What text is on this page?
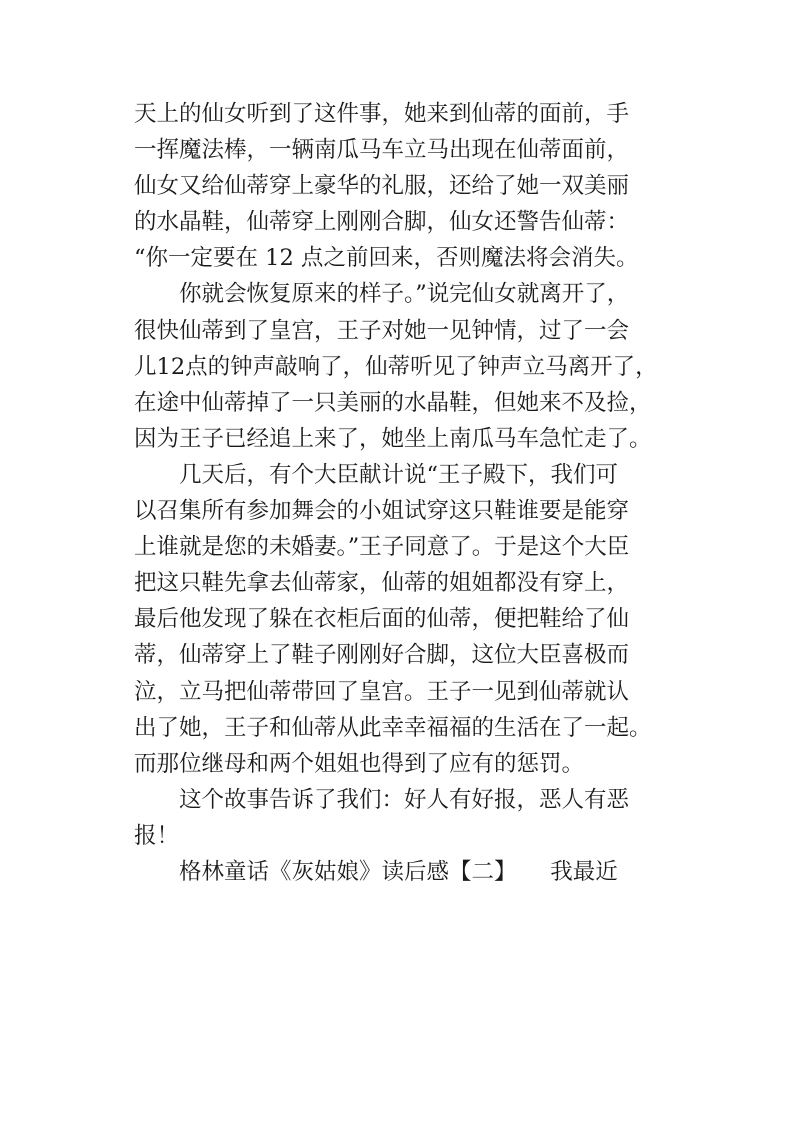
天上的仙女听到了这件事，她来到仙蒂的面前，手
一挥魔法棒，一辆南瓜马车立马出现在仙蒂面前，
仙女又给仙蒂穿上豪华的礼服，还给了她一双美丽
的水晶鞋，仙蒂穿上刚刚合脚，仙女还警告仙蒂：
“你一定要在 12 点之前回来，否则魔法将会消失。
你就会恢复原来的样子。”说完仙女就离开了，
很快仙蒂到了皇宫，王子对她一见钟情，过了一会
儿12点的钟声敲响了，仙蒂听见了钟声立马离开了，
在途中仙蒂掉了一只美丽的水晶鞋，但她来不及捡，
因为王子已经追上来了，她坐上南瓜马车急忙走了。
几天后，有个大臣献计说“王子殿下，我们可
以召集所有参加舞会的小姐试穿这只鞋谁要是能穿
上谁就是您的未婚妻。”王子同意了。于是这个大臣
把这只鞋先拿去仙蒂家，仙蒂的姐姐都没有穿上，
最后他发现了躲在衣柜后面的仙蒂，便把鞋给了仙
蒂，仙蒂穿上了鞋子刚刚好合脚，这位大臣喜极而
泣，立马把仙蒂带回了皇宫。王子一见到仙蒂就认
出了她，王子和仙蒂从此幸幸福福的生活在了一起。
而那位继母和两个姐姐也得到了应有的惩罚。
这个故事告诉了我们：好人有好报，恶人有恶
报！
格林童话《灰姑娘》读后感【二】　　我最近
